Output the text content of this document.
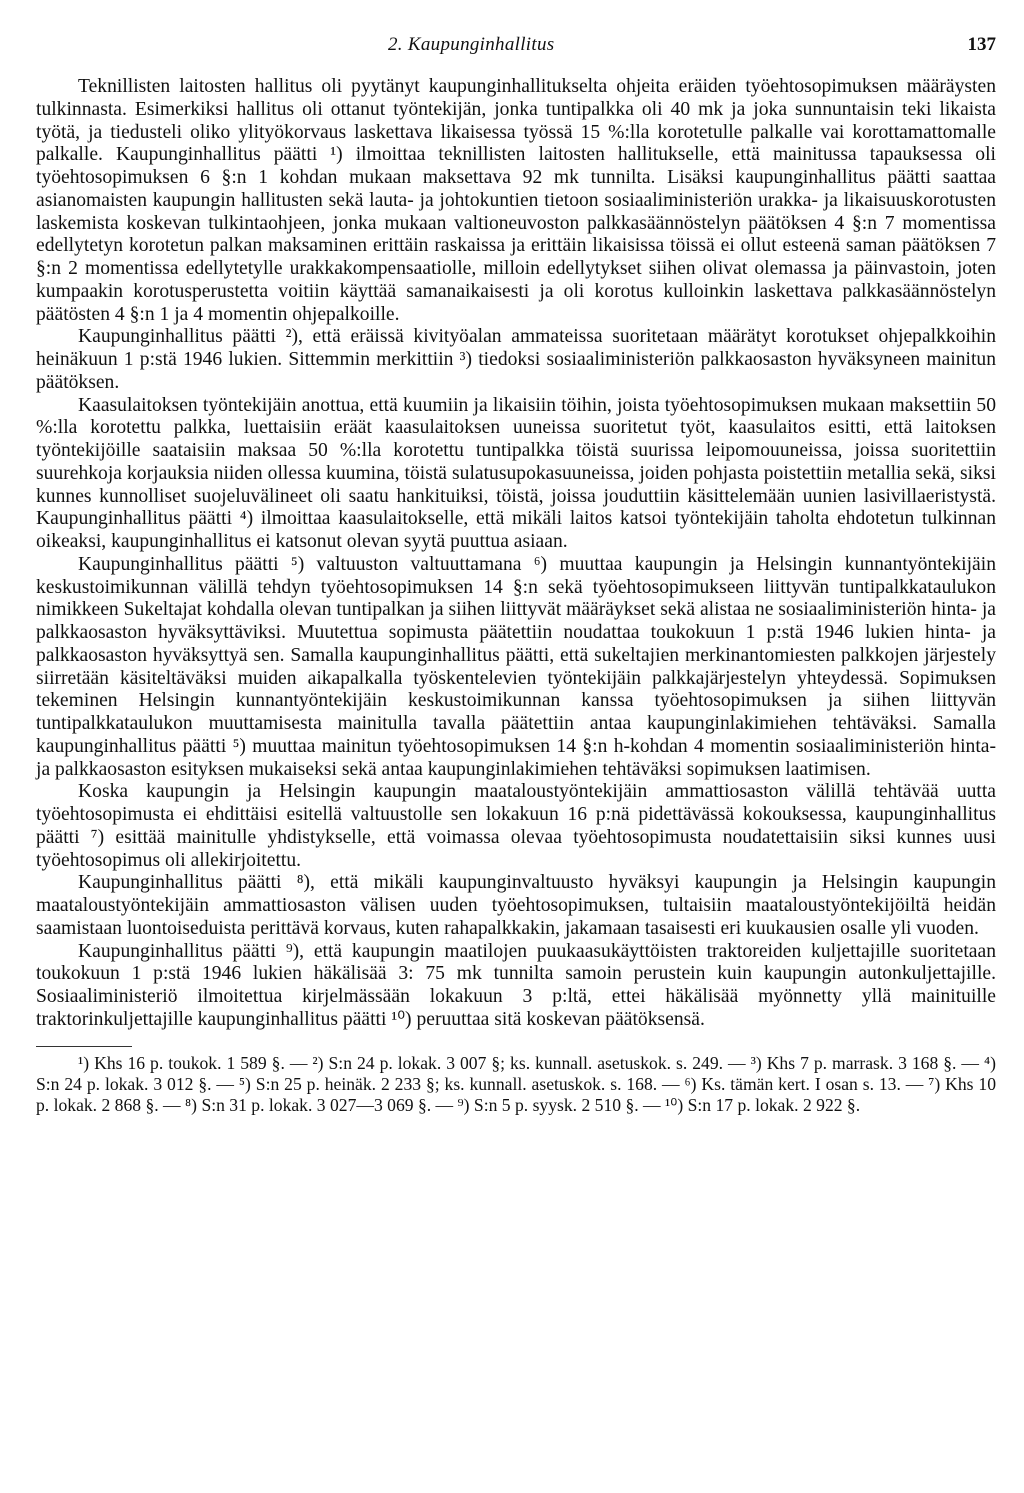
2. Kaupunginhallitus	137

Teknillisten laitosten hallitus oli pyytänyt kaupunginhallitukselta ohjeita eräiden työehtosopimuksen määräysten tulkinnasta. Esimerkiksi hallitus oli ottanut työntekijän, jonka tuntipalkka oli 40 mk ja joka sunnuntaisin teki likaista työtä, ja tiedusteli oliko ylityökorvaus laskettava likaisessa työssä 15 %:lla korotetulle palkalle vai korottamattomalle palkalle. Kaupunginhallitus päätti ¹) ilmoittaa teknillisten laitosten hallitukselle, että mainitussa tapauksessa oli työehtosopimuksen 6 §:n 1 kohdan mukaan maksettava 92 mk tunnilta. Lisäksi kaupunginhallitus päätti saattaa asianomaisten kaupungin hallitusten sekä lauta- ja johtokuntien tietoon sosiaaliministeriön urakka- ja likaisuuskorotusten laskemista koskevan tulkintaohjeen, jonka mukaan valtioneuvoston palkkasäännöstelyn päätöksen 4 §:n 7 momentissa edellytetyn korotetun palkan maksaminen erittäin raskaissa ja erittäin likaisissa töissä ei ollut esteenä saman päätöksen 7 §:n 2 momentissa edellytetylle urakkakompensaatiolle, milloin edellytykset siihen olivat olemassa ja päinvastoin, joten kumpaakin korotusperustetta voitiin käyttää samanaikaisesti ja oli korotus kulloinkin laskettava palkkasäännöstelyn päätösten 4 §:n 1 ja 4 momentin ohjepalkoille.

Kaupunginhallitus päätti ²), että eräissä kivityöalan ammateissa suoritetaan määrätyt korotukset ohjepalkkoihin heinäkuun 1 p:stä 1946 lukien. Sittemmin merkittiin ³) tiedoksi sosiaaliministeriön palkkaosaston hyväksyneen mainitun päätöksen.

Kaasulaitoksen työntekijäin anottua, että kuumiin ja likaisiin töihin, joista työehtosopimuksen mukaan maksettiin 50 %:lla korotettu palkka, luettaisiin eräät kaasulaitoksen uuneissa suoritetut työt, kaasulaitos esitti, että laitoksen työntekijöille saataisiin maksaa 50 %:lla korotettu tuntipalkka töistä suurissa leipomouuneissa, joissa suoritettiin suurehkoja korjauksia niiden ollessa kuumina, töistä sulatusupokasuuneissa, joiden pohjasta poistettiin metallia sekä, siksi kunnes kunnolliset suojeluvälineet oli saatu hankituiksi, töistä, joissa jouduttiin käsittelemään uunien lasivillaeristystä. Kaupunginhallitus päätti ⁴) ilmoittaa kaasulaitokselle, että mikäli laitos katsoi työntekijäin taholta ehdotetun tulkinnan oikeaksi, kaupunginhallitus ei katsonut olevan syytä puuttua asiaan.

Kaupunginhallitus päätti ⁵) valtuuston valtuuttamana ⁶) muuttaa kaupungin ja Helsingin kunnantyöntekijäin keskustoimikunnan välillä tehdyn työehtosopimuksen 14 §:n sekä työehtosopimukseen liittyvän tuntipalkkataulukon nimikkeen Sukeltajat kohdalla olevan tuntipalkan ja siihen liittyvät määräykset sekä alistaa ne sosiaaliministeriön hinta- ja palkkaosaston hyväksyttäviksi. Muutettua sopimusta päätettiin noudattaa toukokuun 1 p:stä 1946 lukien hinta- ja palkkaosaston hyväksyttyä sen. Samalla kaupunginhallitus päätti, että sukeltajien merkinantomiesten palkkojen järjestely siirretään käsiteltäväksi muiden aikapalkalla työskentelevien työntekijäin palkkajärjestelyn yhteydessä. Sopimuksen tekeminen Helsingin kunnantyöntekijäin keskustoimikunnan kanssa työehtosopimuksen ja siihen liittyvän tuntipalkkataulukon muuttamisesta mainitulla tavalla päätettiin antaa kaupunginlakimiehen tehtäväksi. Samalla kaupunginhallitus päätti ⁵) muuttaa mainitun työehtosopimuksen 14 §:n h-kohdan 4 momentin sosiaaliministeriön hinta- ja palkkaosaston esityksen mukaiseksi sekä antaa kaupunginlakimiehen tehtäväksi sopimuksen laatimisen.

Koska kaupungin ja Helsingin kaupungin maataloustyöntekijäin ammattiosaston välillä tehtävää uutta työehtosopimusta ei ehdittäisi esitellä valtuustolle sen lokakuun 16 p:nä pidettävässä kokouksessa, kaupunginhallitus päätti ⁷) esittää mainitulle yhdistykselle, että voimassa olevaa työehtosopimusta noudatettaisiin siksi kunnes uusi työehtosopimus oli allekirjoitettu.

Kaupunginhallitus päätti ⁸), että mikäli kaupunginvaltuusto hyväksyi kaupungin ja Helsingin kaupungin maataloustyöntekijäin ammattiosaston välisen uuden työehtosopimuksen, tultaisiin maataloustyöntekijöiltä heidän saamistaan luontoiseduista perittävä korvaus, kuten rahapalkkakin, jakamaan tasaisesti eri kuukausien osalle yli vuoden.

Kaupunginhallitus päätti ⁹), että kaupungin maatilojen puukaasukäyttöisten traktoreiden kuljettajille suoritetaan toukokuun 1 p:stä 1946 lukien häkälisää 3: 75 mk tunnilta samoin perustein kuin kaupungin autonkuljettajille. Sosiaaliministeriö ilmoitettua kirjelmässään lokakuun 3 p:ltä, ettei häkälisää myönnetty yllä mainituille traktorinkuljettajille kaupunginhallitus päätti ¹⁰) peruuttaa sitä koskevan päätöksensä.

¹) Khs 16 p. toukok. 1 589 §. — ²) S:n 24 p. lokak. 3 007 §; ks. kunnall. asetuskok. s. 249. — ³) Khs 7 p. marrask. 3 168 §. — ⁴) S:n 24 p. lokak. 3 012 §. — ⁵) S:n 25 p. heinäk. 2 233 §; ks. kunnall. asetuskok. s. 168. — ⁶) Ks. tämän kert. I osan s. 13. — ⁷) Khs 10 p. lokak. 2 868 §. — ⁸) S:n 31 p. lokak. 3 027—3 069 §. — ⁹) S:n 5 p. syysk. 2 510 §. — ¹⁰) S:n 17 p. lokak. 2 922 §.
